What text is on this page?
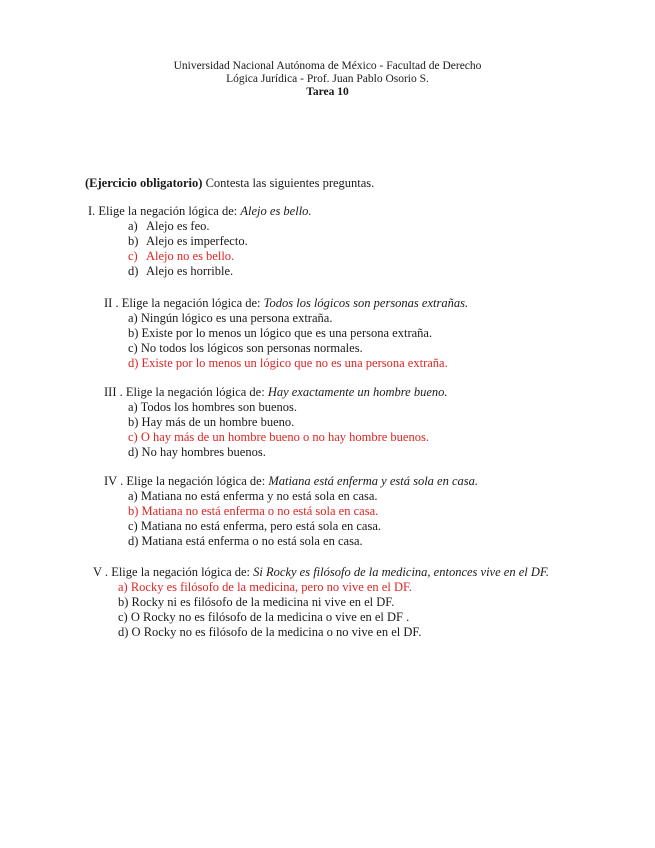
Universidad Nacional Autónoma de México - Facultad de Derecho
Lógica Jurídica - Prof. Juan Pablo Osorio S.
Tarea 10
(Ejercicio obligatorio) Contesta las siguientes preguntas.
I. Elige la negación lógica de: Alejo es bello.
a) Alejo es feo.
b) Alejo es imperfecto.
c) Alejo no es bello.
d) Alejo es horrible.
II . Elige la negación lógica de: Todos los lógicos son personas extrañas.
a) Ningún lógico es una persona extraña.
b) Existe por lo menos un lógico que es una persona extraña.
c) No todos los lógicos son personas normales.
d) Existe por lo menos un lógico que no es una persona extraña.
III . Elige la negación lógica de: Hay exactamente un hombre bueno.
a) Todos los hombres son buenos.
b) Hay más de un hombre bueno.
c) O hay más de un hombre bueno o no hay hombre buenos.
d) No hay hombres buenos.
IV . Elige la negación lógica de: Matiana está enferma y está sola en casa.
a) Matiana no está enferma y no está sola en casa.
b) Matiana no está enferma o no está sola en casa.
c) Matiana no está enferma, pero está sola en casa.
d) Matiana está enferma o no está sola en casa.
V . Elige la negación lógica de: Si Rocky es filósofo de la medicina, entonces vive en el DF.
a) Rocky es filósofo de la medicina, pero no vive en el DF.
b) Rocky ni es filósofo de la medicina ni vive en el DF.
c) O Rocky no es filósofo de la medicina o vive en el DF .
d) O Rocky no es filósofo de la medicina o no vive en el DF.
